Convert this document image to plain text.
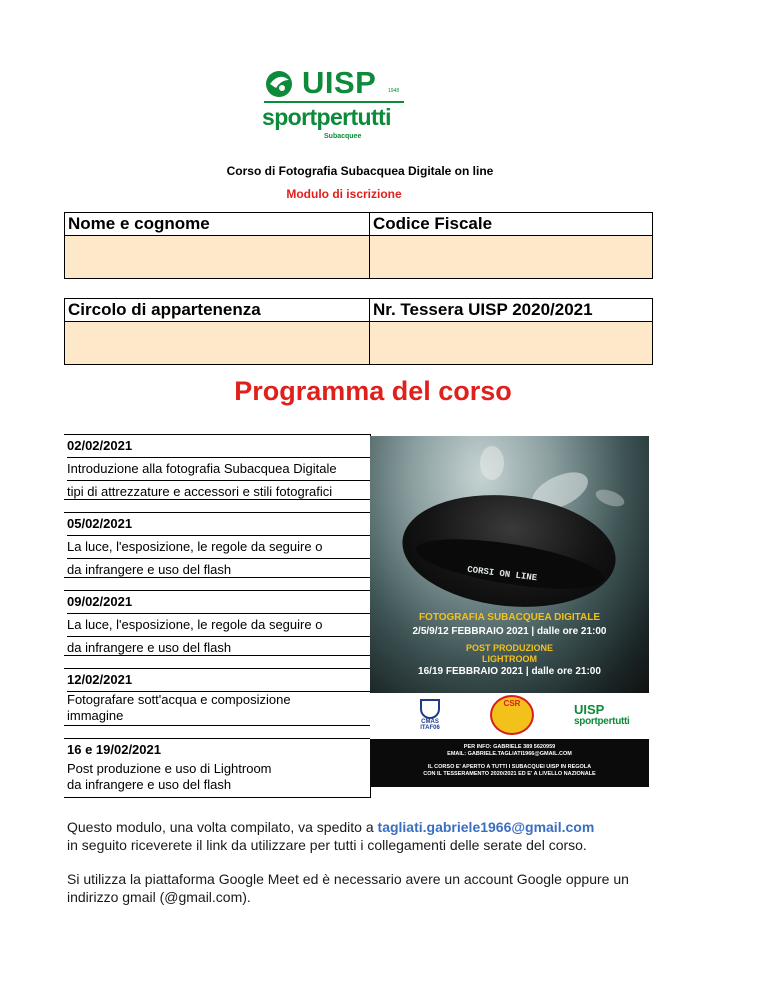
UISP 1948
sportpertutti
Subacquee
Corso di Fotografia Subacquea Digitale on line
Modulo di iscrizione
Nome e cognome	Codice Fiscale
Circolo di appartenenza	Nr. Tessera UISP 2020/2021
Programma del corso
02/02/2021
Introduzione alla fotografia Subacquea Digitale
tipi di attrezzature e accessori e stili fotografici
05/02/2021
La luce, l'esposizione, le regole da seguire o
da infrangere e uso del flash
09/02/2021
La luce, l'esposizione, le regole da seguire o
da infrangere e uso del flash
12/02/2021
Fotografare sott'acqua e composizione
immagine
16 e 19/02/2021
Post produzione e uso di Lightroom
da infrangere e uso del flash
CORSI ON LINE
FOTOGRAFIA SUBACQUEA DIGITALE
2/5/9/12 FEBBRAIO 2021 | dalle ore 21:00
POST PRODUZIONE
LIGHTROOM
16/19 FEBBRAIO 2021 | dalle ore 21:00
CMAS
ITAF06
CSR	UISP
sportpertutti
PER INFO: GABRIELE 389 5620959
EMAIL: GABRIELE.TAGLIATI1966@GMAIL.COM
IL CORSO E' APERTO A TUTTI I SUBACQUEI UISP IN REGOLA
CON IL TESSERAMENTO 2020/2021 ED E' A LIVELLO NAZIONALE
Questo modulo, una volta compilato, va spedito a tagliati.gabriele1966@gmail.com
in seguito riceverete il link da utilizzare per tutti i collegamenti delle serate del corso.
Si utilizza la piattaforma Google Meet ed è necessario avere un account Google oppure un
indirizzo gmail (@gmail.com).
